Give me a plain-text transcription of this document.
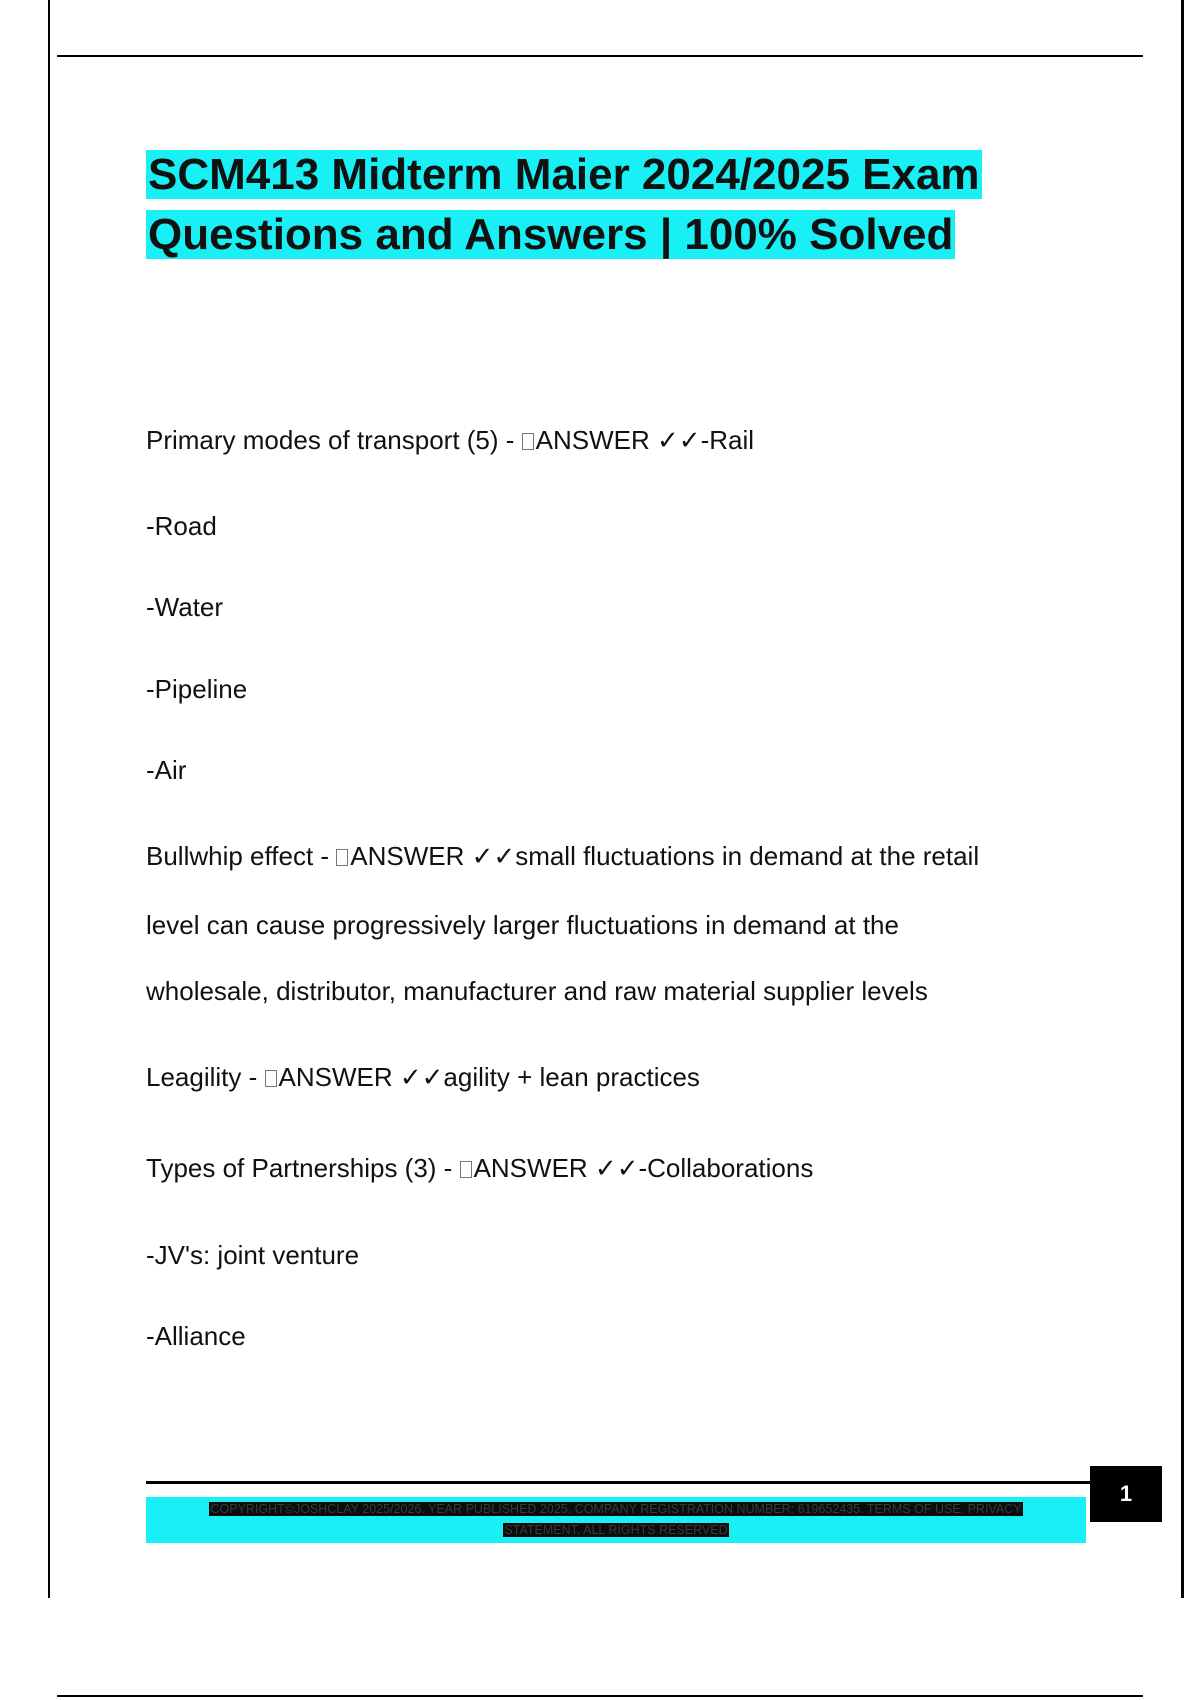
SCM413 Midterm Maier 2024/2025 Exam
Questions and Answers | 100% Solved

Primary modes of transport (5) - ANSWER ✓✓-Rail

-Road

-Water

-Pipeline

-Air

Bullwhip effect - ANSWER ✓✓small fluctuations in demand at the retail

level can cause progressively larger fluctuations in demand at the

wholesale, distributor, manufacturer and raw material supplier levels

Leagility - ANSWER ✓✓agility + lean practices

Types of Partnerships (3) - ANSWER ✓✓-Collaborations

-JV's: joint venture

-Alliance

COPYRIGHT©JOSHCLAY 2025/2026. YEAR PUBLISHED 2025. COMPANY REGISTRATION NUMBER: 619652435. TERMS OF USE. PRIVACY
STATEMENT. ALL RIGHTS RESERVED
1
